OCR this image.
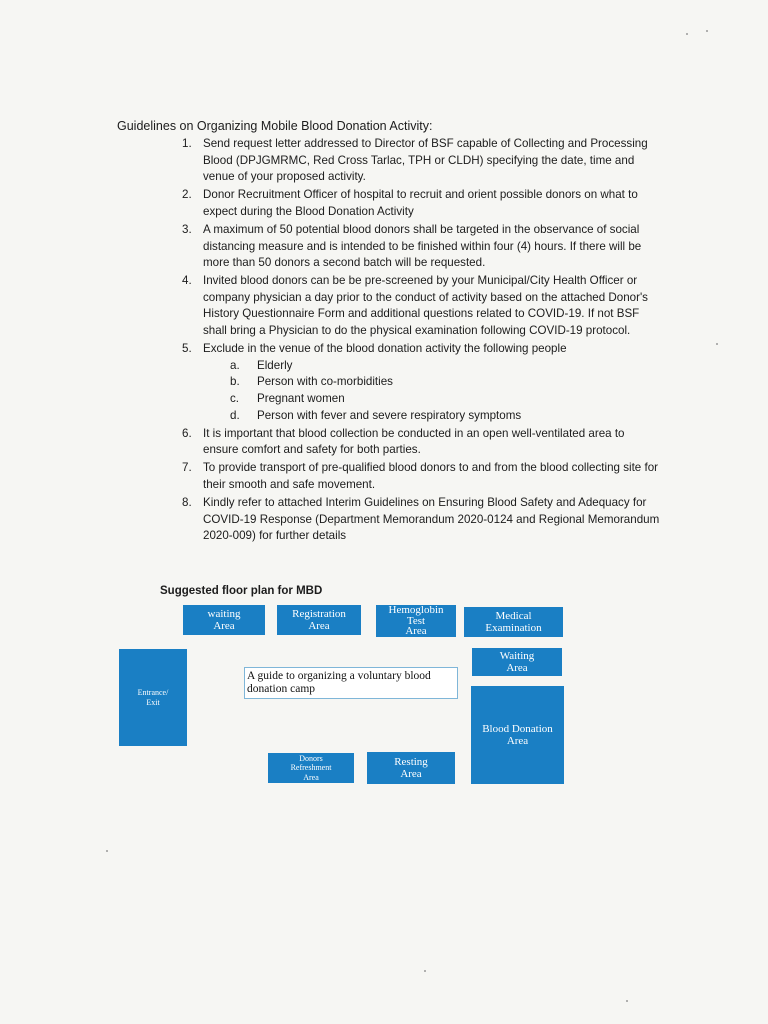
Guidelines on Organizing Mobile Blood Donation Activity:
1. Send request letter addressed to Director of BSF capable of Collecting and Processing Blood (DPJGMRMC, Red Cross Tarlac, TPH or CLDH) specifying the date, time and venue of your proposed activity.
2. Donor Recruitment Officer of hospital to recruit and orient possible donors on what to expect during the Blood Donation Activity
3. A maximum of 50 potential blood donors shall be targeted in the observance of social distancing measure and is intended to be finished within four (4) hours. If there will be more than 50 donors a second batch will be requested.
4. Invited blood donors can be be pre-screened by your Municipal/City Health Officer or company physician a day prior to the conduct of activity based on the attached Donor's History Questionnaire Form and additional questions related to COVID-19. If not BSF shall bring a Physician to do the physical examination following COVID-19 protocol.
5. Exclude in the venue of the blood donation activity the following people
a. Elderly
b. Person with co-morbidities
c. Pregnant women
d. Person with fever and severe respiratory symptoms
6. It is important that blood collection be conducted in an open well-ventilated area to ensure comfort and safety for both parties.
7. To provide transport of pre-qualified blood donors to and from the blood collecting site for their smooth and safe movement.
8. Kindly refer to attached Interim Guidelines on Ensuring Blood Safety and Adequacy for COVID-19 Response (Department Memorandum 2020-0124 and Regional Memorandum 2020-009) for further details
Suggested floor plan for MBD
waiting
Area
Registration
Area
Hemoglobin
Test
Area
Medical
Examination
Waiting
Area
Entrance/
Exit
A guide to organizing a voluntary blood donation camp
Blood Donation
Area
Donors
Refreshment
Area
Resting
Area
